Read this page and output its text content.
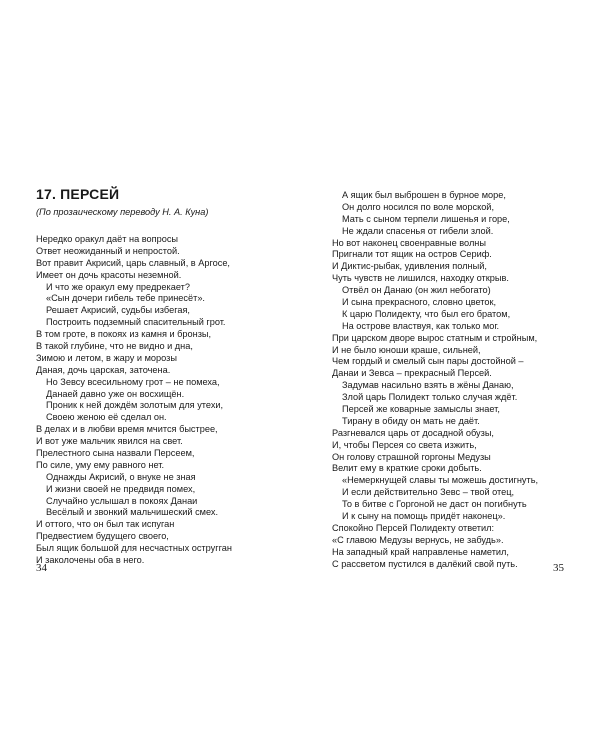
17. ПЕРСЕЙ
(По прозаическому переводу Н. А. Куна)
Нередко оракул даёт на вопросы
Ответ неожиданный и непростой.
Вот правит Акрисий, царь славный, в Аргосе,
Имеет он дочь красоты неземной.
И что же оракул ему предрекает?
«Сын дочери гибель тебе принесёт».
Решает Акрисий, судьбы избегая,
Построить подземный спасительный грот.
В том гроте, в покоях из камня и бронзы,
В такой глубине, что не видно и дна,
Зимою и летом, в жару и морозы
Даная, дочь царская, заточена.
Но Зевсу всесильному грот – не помеха,
Данаей давно уже он восхищён.
Проник к ней дождём золотым для утехи,
Своею женою её сделал он.
В делах и в любви время мчится быстрее,
И вот уже мальчик явился на свет.
Прелестного сына назвали Персеем,
По силе, уму ему равного нет.
Однажды Акрисий, о внуке не зная
И жизни своей не предвидя помех,
Случайно услышал в покоях Данаи
Весёлый и звонкий мальчишеский смех.
И оттого, что он был так испуган
Предвестием будущего своего,
Был ящик большой для несчастных остругган
И заколочены оба в него.
34
А ящик был выброшен в бурное море,
Он долго носился по воле морской,
Мать с сыном терпели лишенья и горе,
Не ждали спасенья от гибели злой.
Но вот наконец своенравные волны
Пригнали тот ящик на остров Сериф.
И Диктис-рыбак, удивления полный,
Чуть чувств не лишился, находку открыв.
Отвёл он Данаю (он жил небогато)
И сына прекрасного, словно цветок,
К царю Полидекту, что был его братом,
На острове властвуя, как только мог.
При царском дворе вырос статным и стройным,
И не было юноши краше, сильней,
Чем гордый и смелый сын пары достойной –
Данаи и Зевса – прекрасный Персей.
Задумав насильно взять в жёны Данаю,
Злой царь Полидект только случая ждёт.
Персей же коварные замыслы знает,
Тирану в обиду он мать не даёт.
Разгневался царь от досадной обузы,
И, чтобы Персея со света изжить,
Он голову страшной горгоны Медузы
Велит ему в краткие сроки добыть.
«Немеркнущей славы ты можешь достигнуть,
И если действительно Зевс – твой отец,
То в битве с Горгоной не даст он погибнуть
И к сыну на помощь придёт наконец».
Спокойно Персей Полидекту ответил:
«С главою Медузы вернусь, не забудь».
На западный край направленье наметил,
С рассветом пустился в далёкий свой путь.	35
